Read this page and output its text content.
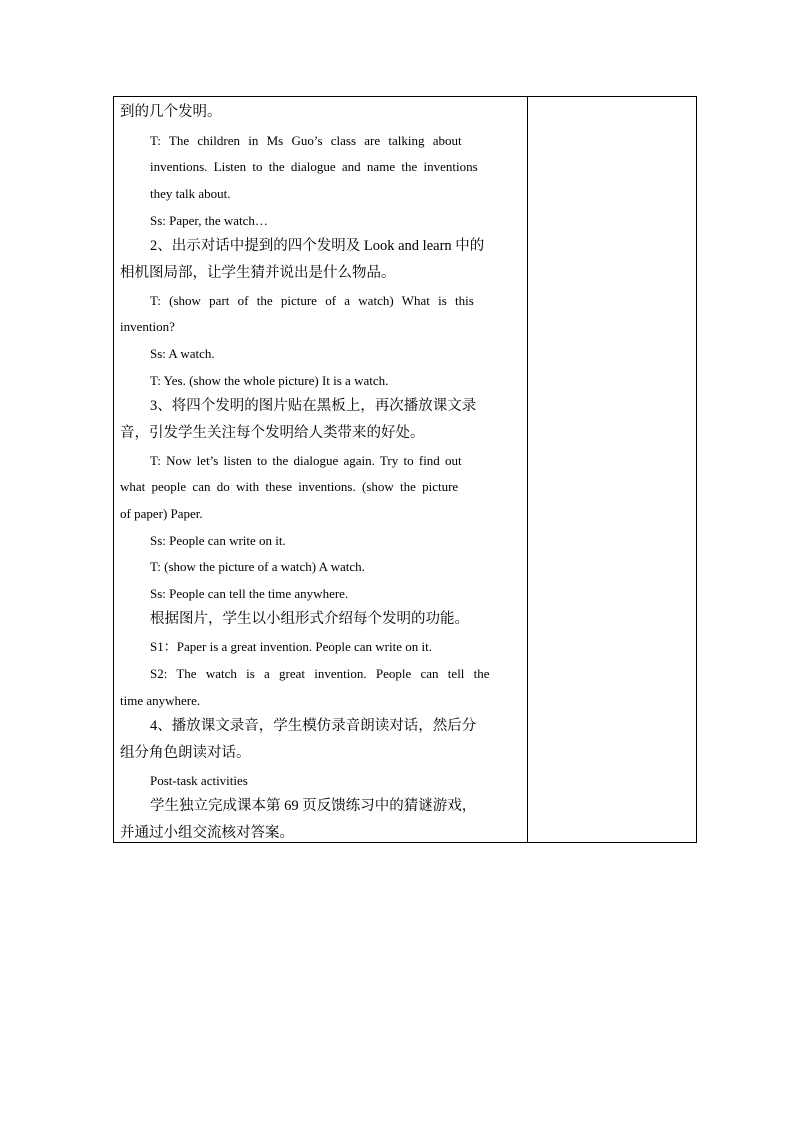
到的几个发明。
T: The children in Ms Guo’s class are talking about
inventions. Listen to the dialogue and name the inventions
they talk about.
Ss: Paper, the watch…
2、出示对话中提到的四个发明及 Look and learn 中的
相机图局部，让学生猜并说出是什么物品。
T: (show part of the picture of a watch) What is this
invention?
Ss: A watch.
T: Yes. (show the whole picture) It is a watch.
3、将四个发明的图片贴在黑板上，再次播放课文录
音，引发学生关注每个发明给人类带来的好处。
T: Now let’s listen to the dialogue again. Try to find out
what people can do with these inventions. (show the picture
of paper) Paper.
Ss: People can write on it.
T: (show the picture of a watch) A watch.
Ss: People can tell the time anywhere.
根据图片，学生以小组形式介绍每个发明的功能。
S1：Paper is a great invention. People can write on it.
S2: The watch is a great invention. People can tell the
time anywhere.
4、播放课文录音，学生模仿录音朗读对话，然后分
组分角色朗读对话。
Post-task activities
学生独立完成课本第 69 页反馈练习中的猜谜游戏，
并通过小组交流核对答案。
